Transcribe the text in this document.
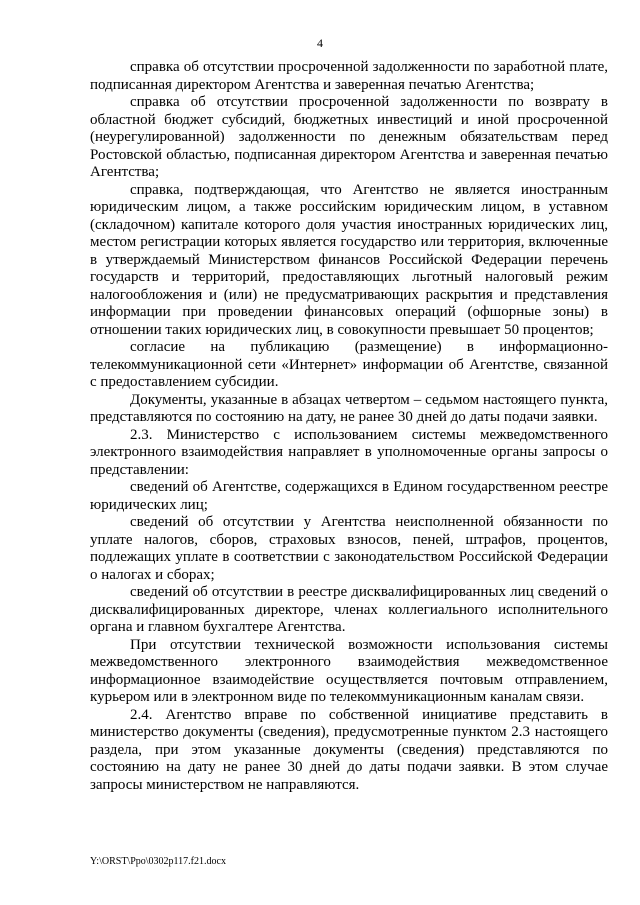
4

справка об отсутствии просроченной задолженности по заработной плате, подписанная директором Агентства и заверенная печатью Агентства;

справка об отсутствии просроченной задолженности по возврату в областной бюджет субсидий, бюджетных инвестиций и иной просроченной (неурегулированной) задолженности по денежным обязательствам перед Ростовской областью, подписанная директором Агентства и заверенная печатью Агентства;

справка, подтверждающая, что Агентство не является иностранным юридическим лицом, а также российским юридическим лицом, в уставном (складочном) капитале которого доля участия иностранных юридических лиц, местом регистрации которых является государство или территория, включенные в утверждаемый Министерством финансов Российской Федерации перечень государств и территорий, предоставляющих льготный налоговый режим налогообложения и (или) не предусматривающих раскрытия и представления информации при проведении финансовых операций (офшорные зоны) в отношении таких юридических лиц, в совокупности превышает 50 процентов;

согласие на публикацию (размещение) в информационно-телекоммуникационной сети «Интернет» информации об Агентстве, связанной с предоставлением субсидии.

Документы, указанные в абзацах четвертом – седьмом настоящего пункта, представляются по состоянию на дату, не ранее 30 дней до даты подачи заявки.

2.3. Министерство с использованием системы межведомственного электронного взаимодействия направляет в уполномоченные органы запросы о представлении:

сведений об Агентстве, содержащихся в Едином государственном реестре юридических лиц;

сведений об отсутствии у Агентства неисполненной обязанности по уплате налогов, сборов, страховых взносов, пеней, штрафов, процентов, подлежащих уплате в соответствии с законодательством Российской Федерации о налогах и сборах;

сведений об отсутствии в реестре дисквалифицированных лиц сведений о дисквалифицированных директоре, членах коллегиального исполнительного органа и главном бухгалтере Агентства.

При отсутствии технической возможности использования системы межведомственного электронного взаимодействия межведомственное информационное взаимодействие осуществляется почтовым отправлением, курьером или в электронном виде по телекоммуникационным каналам связи.

2.4. Агентство вправе по собственной инициативе представить в министерство документы (сведения), предусмотренные пунктом 2.3 настоящего раздела, при этом указанные документы (сведения) представляются по состоянию на дату не ранее 30 дней до даты подачи заявки. В этом случае запросы министерством не направляются.

Y:\ORST\Ppo\0302p117.f21.docx
